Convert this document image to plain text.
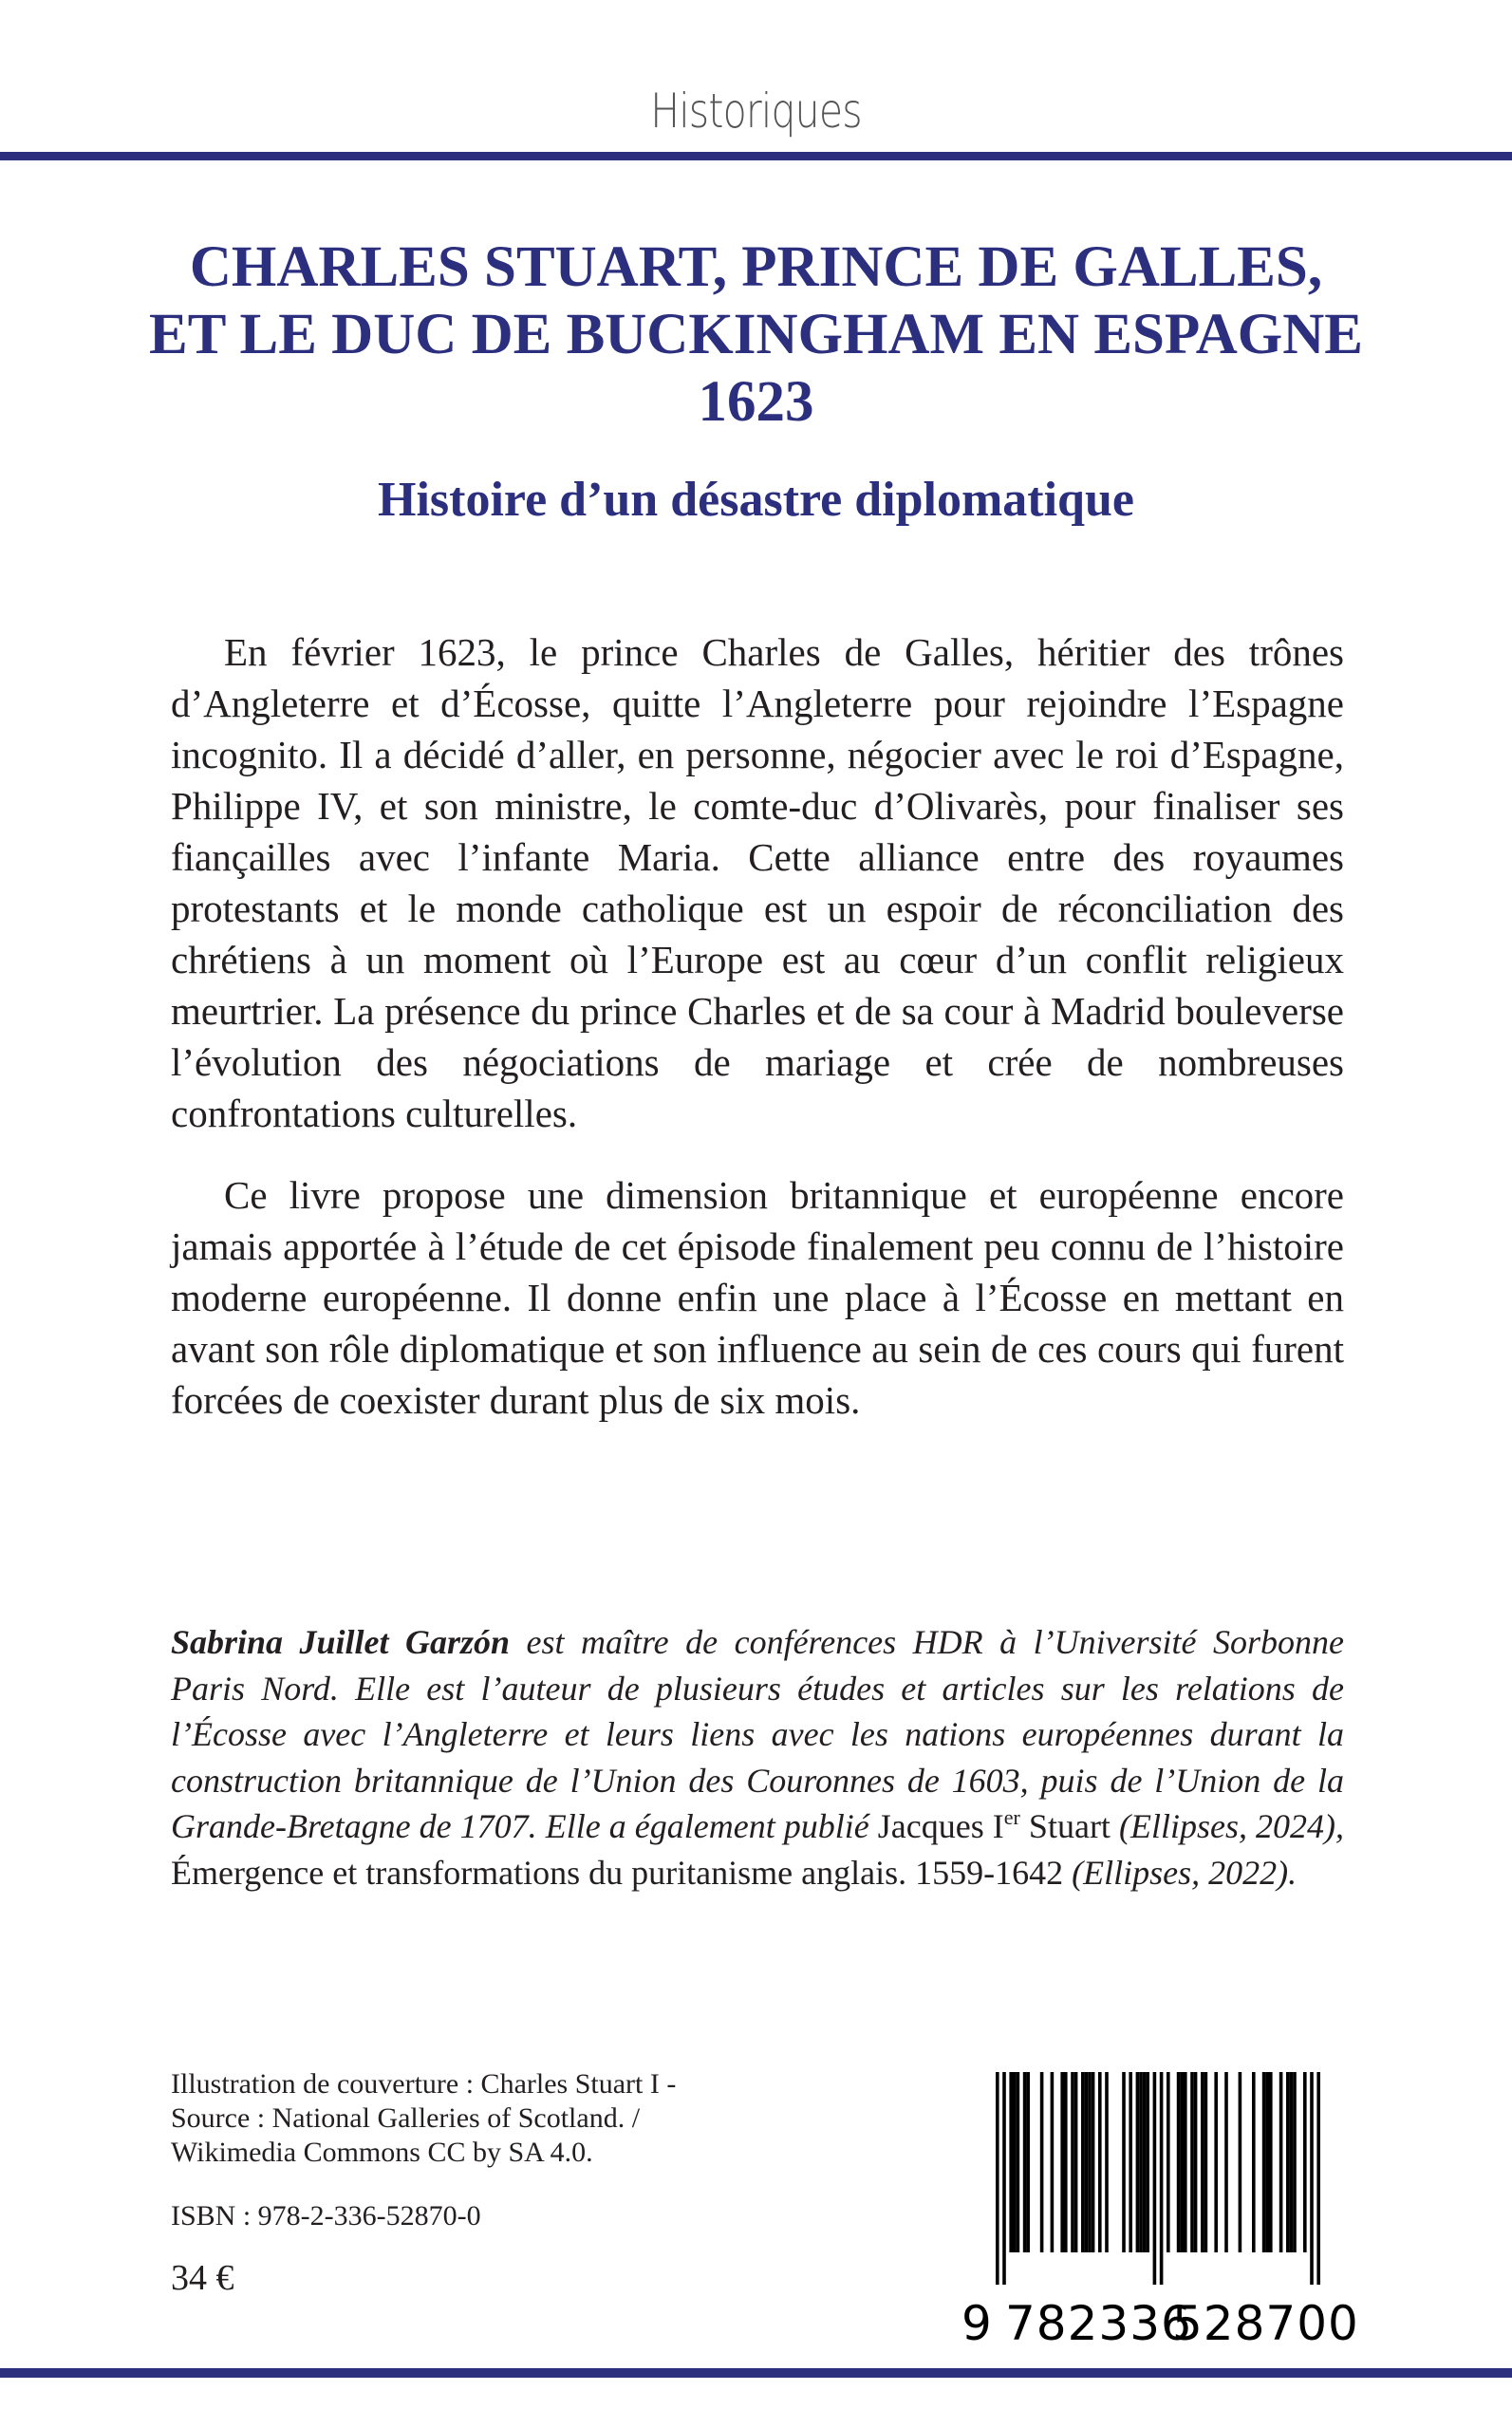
Historiques
CHARLES STUART, PRINCE DE GALLES,
ET LE DUC DE BUCKINGHAM EN ESPAGNE
1623
Histoire d’un désastre diplomatique

En février 1623, le prince Charles de Galles, héritier des trônes d’Angleterre et d’Écosse, quitte l’Angleterre pour rejoindre l’Espagne incognito. Il a décidé d’aller, en personne, négocier avec le roi d’Espagne, Philippe IV, et son ministre, le comte-duc d’Olivarès, pour finaliser ses fiançailles avec l’infante Maria. Cette alliance entre des royaumes protestants et le monde catholique est un espoir de réconciliation des chrétiens à un moment où l’Europe est au cœur d’un conflit religieux meurtrier. La présence du prince Charles et de sa cour à Madrid bouleverse l’évolution des négociations de mariage et crée de nombreuses confrontations culturelles.

Ce livre propose une dimension britannique et européenne encore jamais apportée à l’étude de cet épisode finalement peu connu de l’histoire moderne européenne. Il donne enfin une place à l’Écosse en mettant en avant son rôle diplomatique et son influence au sein de ces cours qui furent forcées de coexister durant plus de six mois.

Sabrina Juillet Garzón est maître de conférences HDR à l’Université Sorbonne Paris Nord. Elle est l’auteur de plusieurs études et articles sur les relations de l’Écosse avec l’Angleterre et leurs liens avec les nations européennes durant la construction britannique de l’Union des Couronnes de 1603, puis de l’Union de la Grande-Bretagne de 1707. Elle a également publié Jacques Ier Stuart (Ellipses, 2024), Émergence et transformations du puritanisme anglais. 1559-1642 (Ellipses, 2022).
Illustration de couverture : Charles Stuart I -
Source : National Galleries of Scotland. /
Wikimedia Commons CC by SA 4.0.
ISBN : 978-2-336-52870-0
34 €
9 782336
528700
